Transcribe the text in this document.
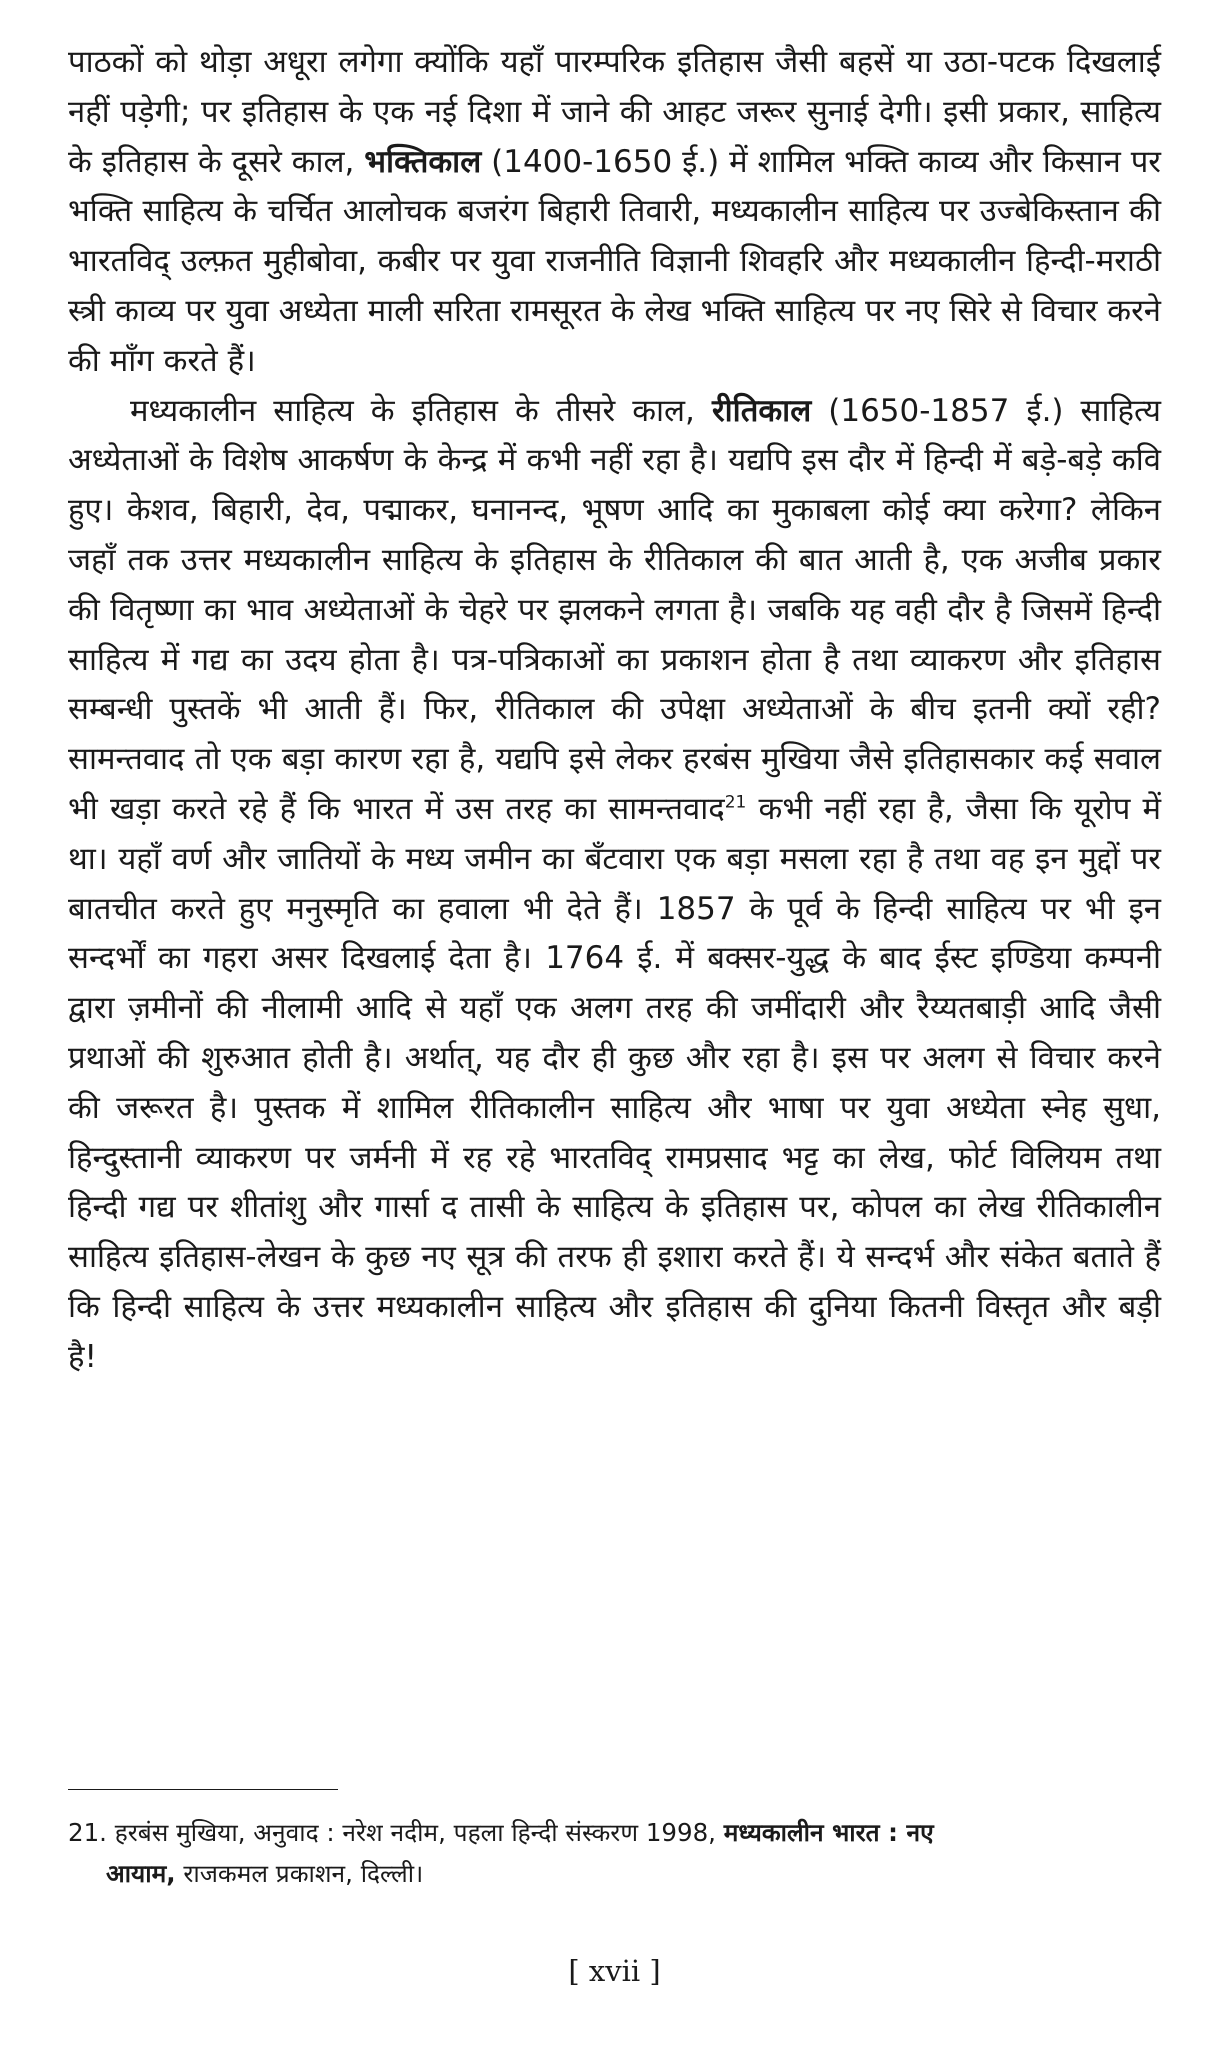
पाठकों को थोड़ा अधूरा लगेगा क्योंकि यहाँ पारम्परिक इतिहास जैसी बहसें या उठा-पटक दिखलाई नहीं पड़ेगी; पर इतिहास के एक नई दिशा में जाने की आहट जरूर सुनाई देगी। इसी प्रकार, साहित्य के इतिहास के दूसरे काल, भक्तिकाल (1400-1650 ई.) में शामिल भक्ति काव्य और किसान पर भक्ति साहित्य के चर्चित आलोचक बजरंग बिहारी तिवारी, मध्यकालीन साहित्य पर उज्बेकिस्तान की भारतविद् उल्फ़त मुहीबोवा, कबीर पर युवा राजनीति विज्ञानी शिवहरि और मध्यकालीन हिन्दी-मराठी स्त्री काव्य पर युवा अध्येता माली सरिता रामसूरत के लेख भक्ति साहित्य पर नए सिरे से विचार करने की माँग करते हैं।

मध्यकालीन साहित्य के इतिहास के तीसरे काल, रीतिकाल (1650-1857 ई.) साहित्य अध्येताओं के विशेष आकर्षण के केन्द्र में कभी नहीं रहा है। यद्यपि इस दौर में हिन्दी में बड़े-बड़े कवि हुए। केशव, बिहारी, देव, पद्माकर, घनानन्द, भूषण आदि का मुकाबला कोई क्या करेगा? लेकिन जहाँ तक उत्तर मध्यकालीन साहित्य के इतिहास के रीतिकाल की बात आती है, एक अजीब प्रकार की वितृष्णा का भाव अध्येताओं के चेहरे पर झलकने लगता है। जबकि यह वही दौर है जिसमें हिन्दी साहित्य में गद्य का उदय होता है। पत्र-पत्रिकाओं का प्रकाशन होता है तथा व्याकरण और इतिहास सम्बन्धी पुस्तकें भी आती हैं। फिर, रीतिकाल की उपेक्षा अध्येताओं के बीच इतनी क्यों रही? सामन्तवाद तो एक बड़ा कारण रहा है, यद्यपि इसे लेकर हरबंस मुखिया जैसे इतिहासकार कई सवाल भी खड़ा करते रहे हैं कि भारत में उस तरह का सामन्तवाद$^{21}$ कभी नहीं रहा है, जैसा कि यूरोप में था। यहाँ वर्ण और जातियों के मध्य जमीन का बँटवारा एक बड़ा मसला रहा है तथा वह इन मुद्दों पर बातचीत करते हुए मनुस्मृति का हवाला भी देते हैं। 1857 के पूर्व के हिन्दी साहित्य पर भी इन सन्दर्भों का गहरा असर दिखलाई देता है। 1764 ई. में बक्सर-युद्ध के बाद ईस्ट इण्डिया कम्पनी द्वारा ज़मीनों की नीलामी आदि से यहाँ एक अलग तरह की जमींदारी और रैय्यतबाड़ी आदि जैसी प्रथाओं की शुरुआत होती है। अर्थात्, यह दौर ही कुछ और रहा है। इस पर अलग से विचार करने की जरूरत है। पुस्तक में शामिल रीतिकालीन साहित्य और भाषा पर युवा अध्येता स्नेह सुधा, हिन्दुस्तानी व्याकरण पर जर्मनी में रह रहे भारतविद् रामप्रसाद भट्ट का लेख, फोर्ट विलियम तथा हिन्दी गद्य पर शीतांशु और गार्सा द तासी के साहित्य के इतिहास पर, कोपल का लेख रीतिकालीन साहित्य इतिहास-लेखन के कुछ नए सूत्र की तरफ ही इशारा करते हैं। ये सन्दर्भ और संकेत बताते हैं कि हिन्दी साहित्य के उत्तर मध्यकालीन साहित्य और इतिहास की दुनिया कितनी विस्तृत और बड़ी है!

21. हरबंस मुखिया, अनुवाद : नरेश नदीम, पहला हिन्दी संस्करण 1998, मध्यकालीन भारत : नए
आयाम, राजकमल प्रकाशन, दिल्ली।

[ xvii ]
